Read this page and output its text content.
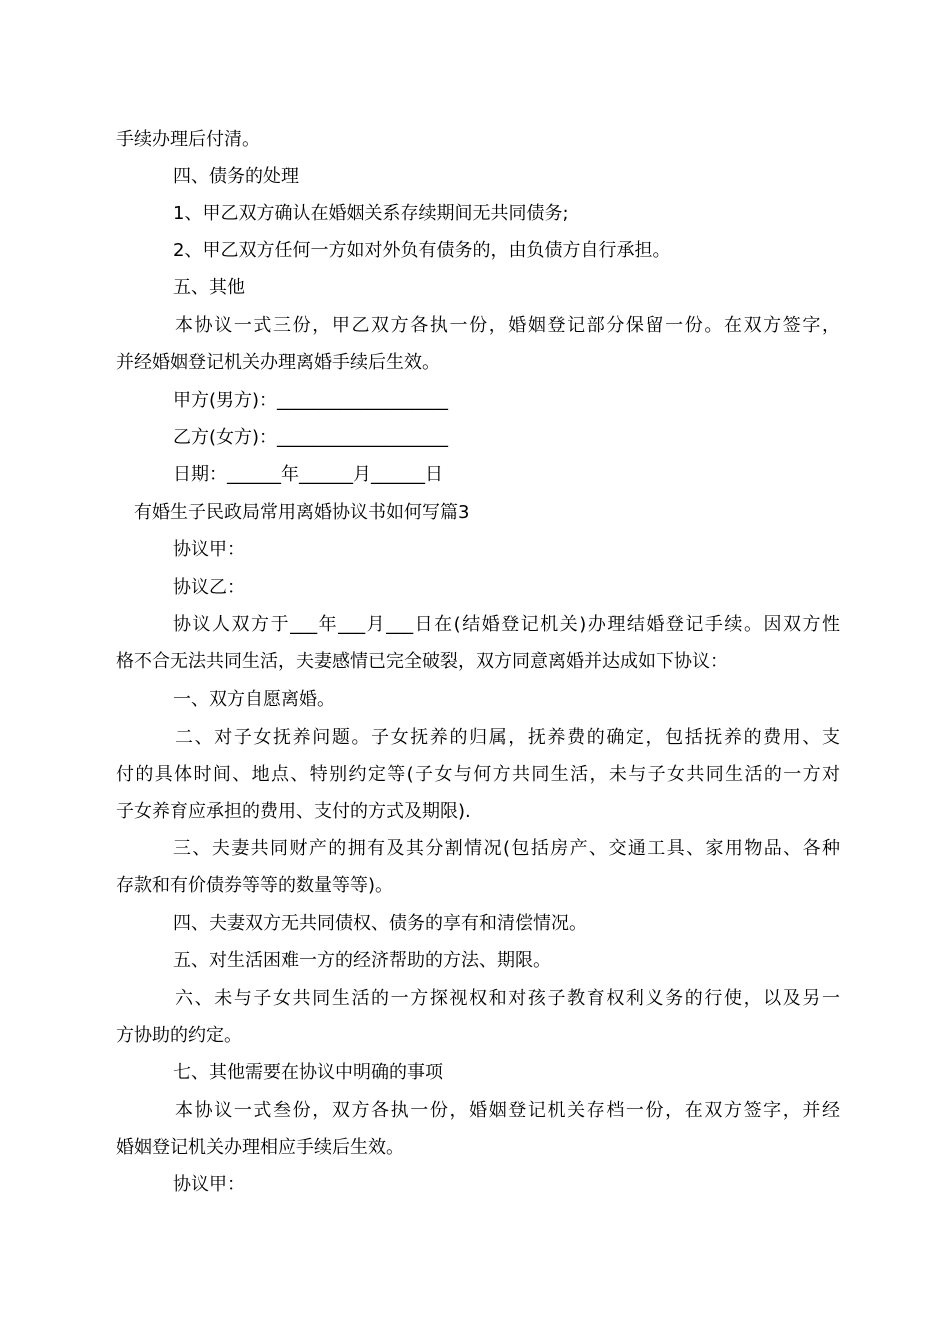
手续办理后付清。
四、债务的处理
1、甲乙双方确认在婚姻关系存续期间无共同债务;
2、甲乙双方任何一方如对外负有债务的，由负债方自行承担。
五、其他
本协议一式三份，甲乙双方各执一份，婚姻登记部分保留一份。在双方签字，
并经婚姻登记机关办理离婚手续后生效。
甲方(男方)：___________________
乙方(女方)：___________________
日期：______年______月______日
有婚生子民政局常用离婚协议书如何写篇3
协议甲：
协议乙：
协议人双方于___年___月___日在(结婚登记机关)办理结婚登记手续。因双方性
格不合无法共同生活，夫妻感情已完全破裂，双方同意离婚并达成如下协议：
一、双方自愿离婚。
二、对子女抚养问题。子女抚养的归属，抚养费的确定，包括抚养的费用、支
付的具体时间、地点、特别约定等(子女与何方共同生活，未与子女共同生活的一方对
子女养育应承担的费用、支付的方式及期限).
三、夫妻共同财产的拥有及其分割情况(包括房产、交通工具、家用物品、各种
存款和有价债券等等的数量等等)。
四、夫妻双方无共同债权、债务的享有和清偿情况。
五、对生活困难一方的经济帮助的方法、期限。
六、未与子女共同生活的一方探视权和对孩子教育权利义务的行使，以及另一
方协助的约定。
七、其他需要在协议中明确的事项
本协议一式叁份，双方各执一份，婚姻登记机关存档一份，在双方签字，并经
婚姻登记机关办理相应手续后生效。
协议甲：
